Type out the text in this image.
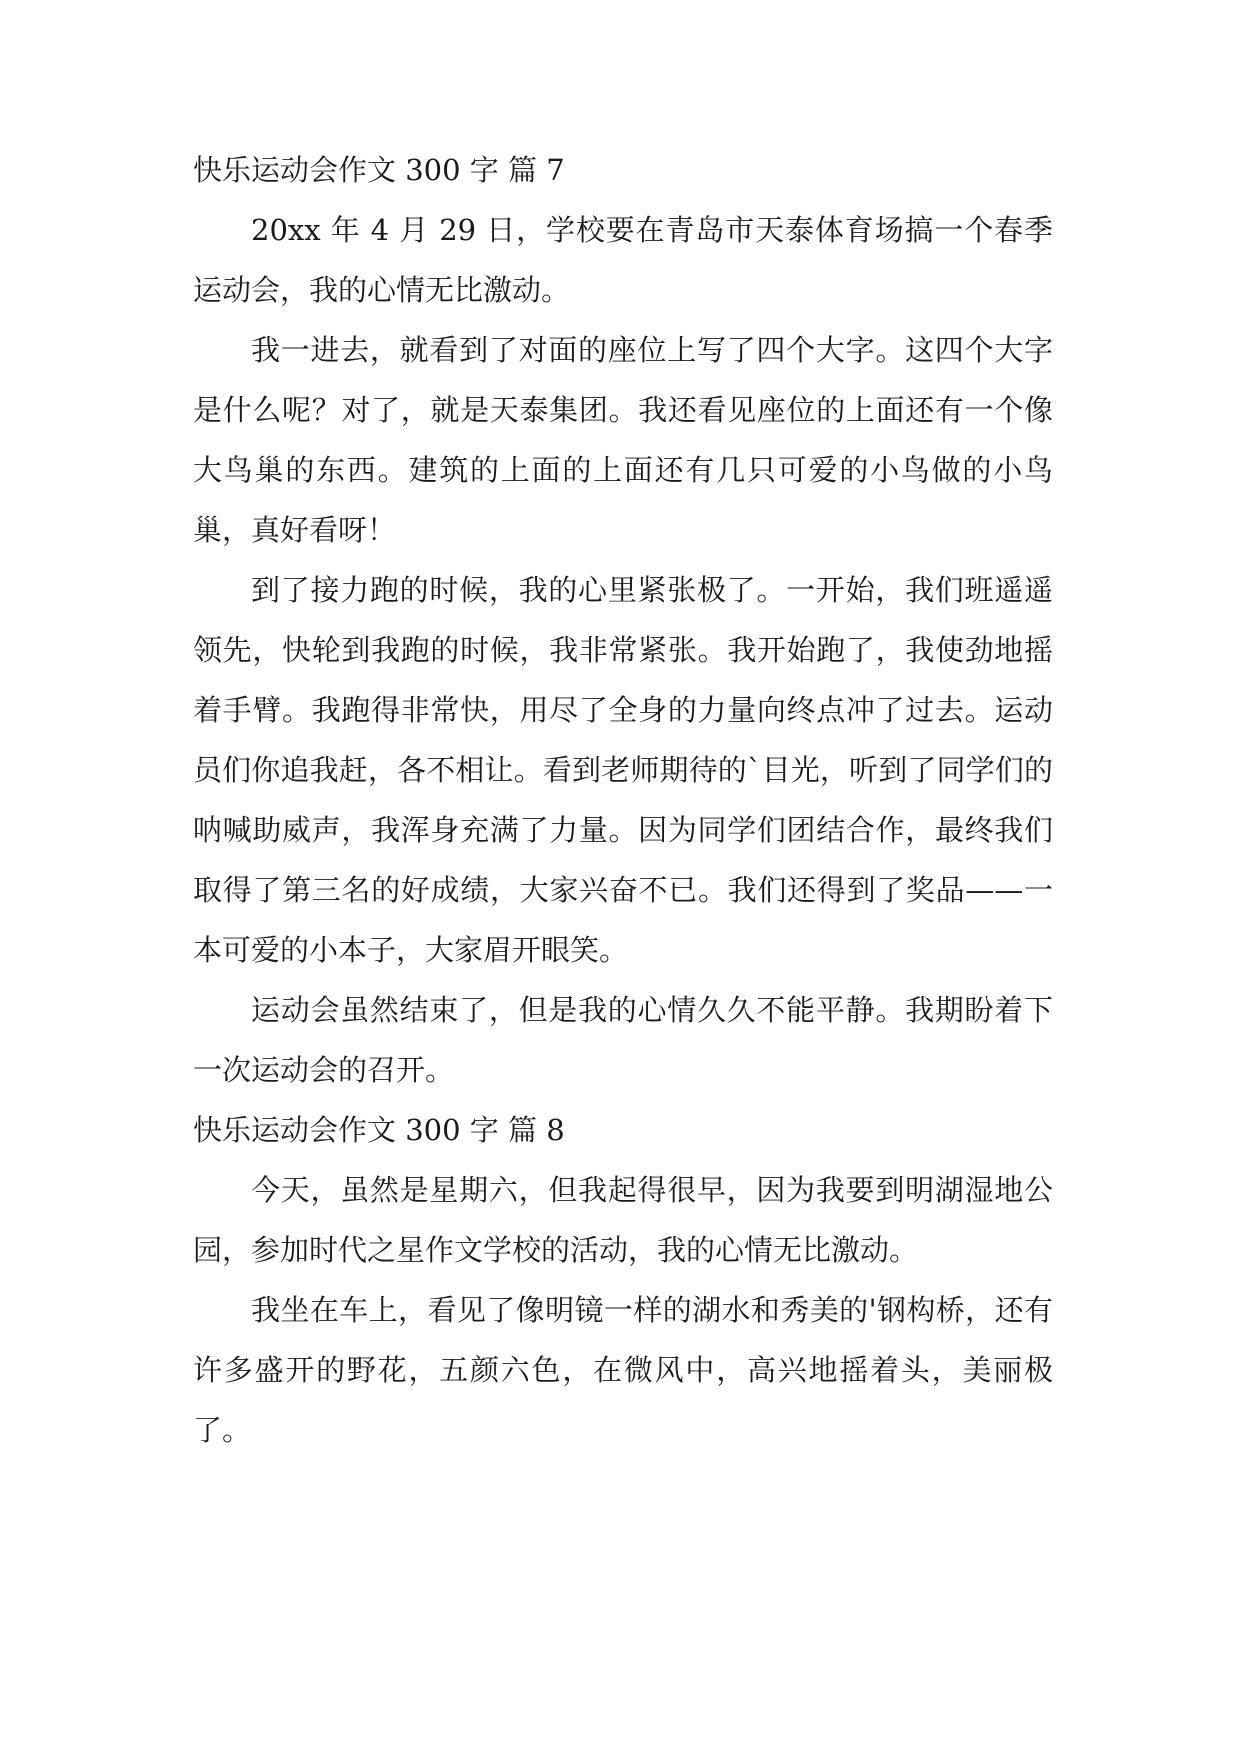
快乐运动会作文 300 字 篇 7

20xx 年 4 月 29 日，学校要在青岛市天泰体育场搞一个春季运动会，我的心情无比激动。

我一进去，就看到了对面的座位上写了四个大字。这四个大字是什么呢？对了，就是天泰集团。我还看见座位的上面还有一个像大鸟巢的东西。建筑的上面的上面还有几只可爱的小鸟做的小鸟巢，真好看呀！

到了接力跑的时候，我的心里紧张极了。一开始，我们班遥遥领先，快轮到我跑的时候，我非常紧张。我开始跑了，我使劲地摇着手臂。我跑得非常快，用尽了全身的力量向终点冲了过去。运动员们你追我赶，各不相让。看到老师期待的`目光，听到了同学们的呐喊助威声，我浑身充满了力量。因为同学们团结合作，最终我们取得了第三名的好成绩，大家兴奋不已。我们还得到了奖品——一本可爱的小本子，大家眉开眼笑。

运动会虽然结束了，但是我的心情久久不能平静。我期盼着下一次运动会的召开。

快乐运动会作文 300 字 篇 8

今天，虽然是星期六，但我起得很早，因为我要到明湖湿地公园，参加时代之星作文学校的活动，我的心情无比激动。

我坐在车上，看见了像明镜一样的湖水和秀美的'钢构桥，还有许多盛开的野花，五颜六色，在微风中，高兴地摇着头，美丽极了。
